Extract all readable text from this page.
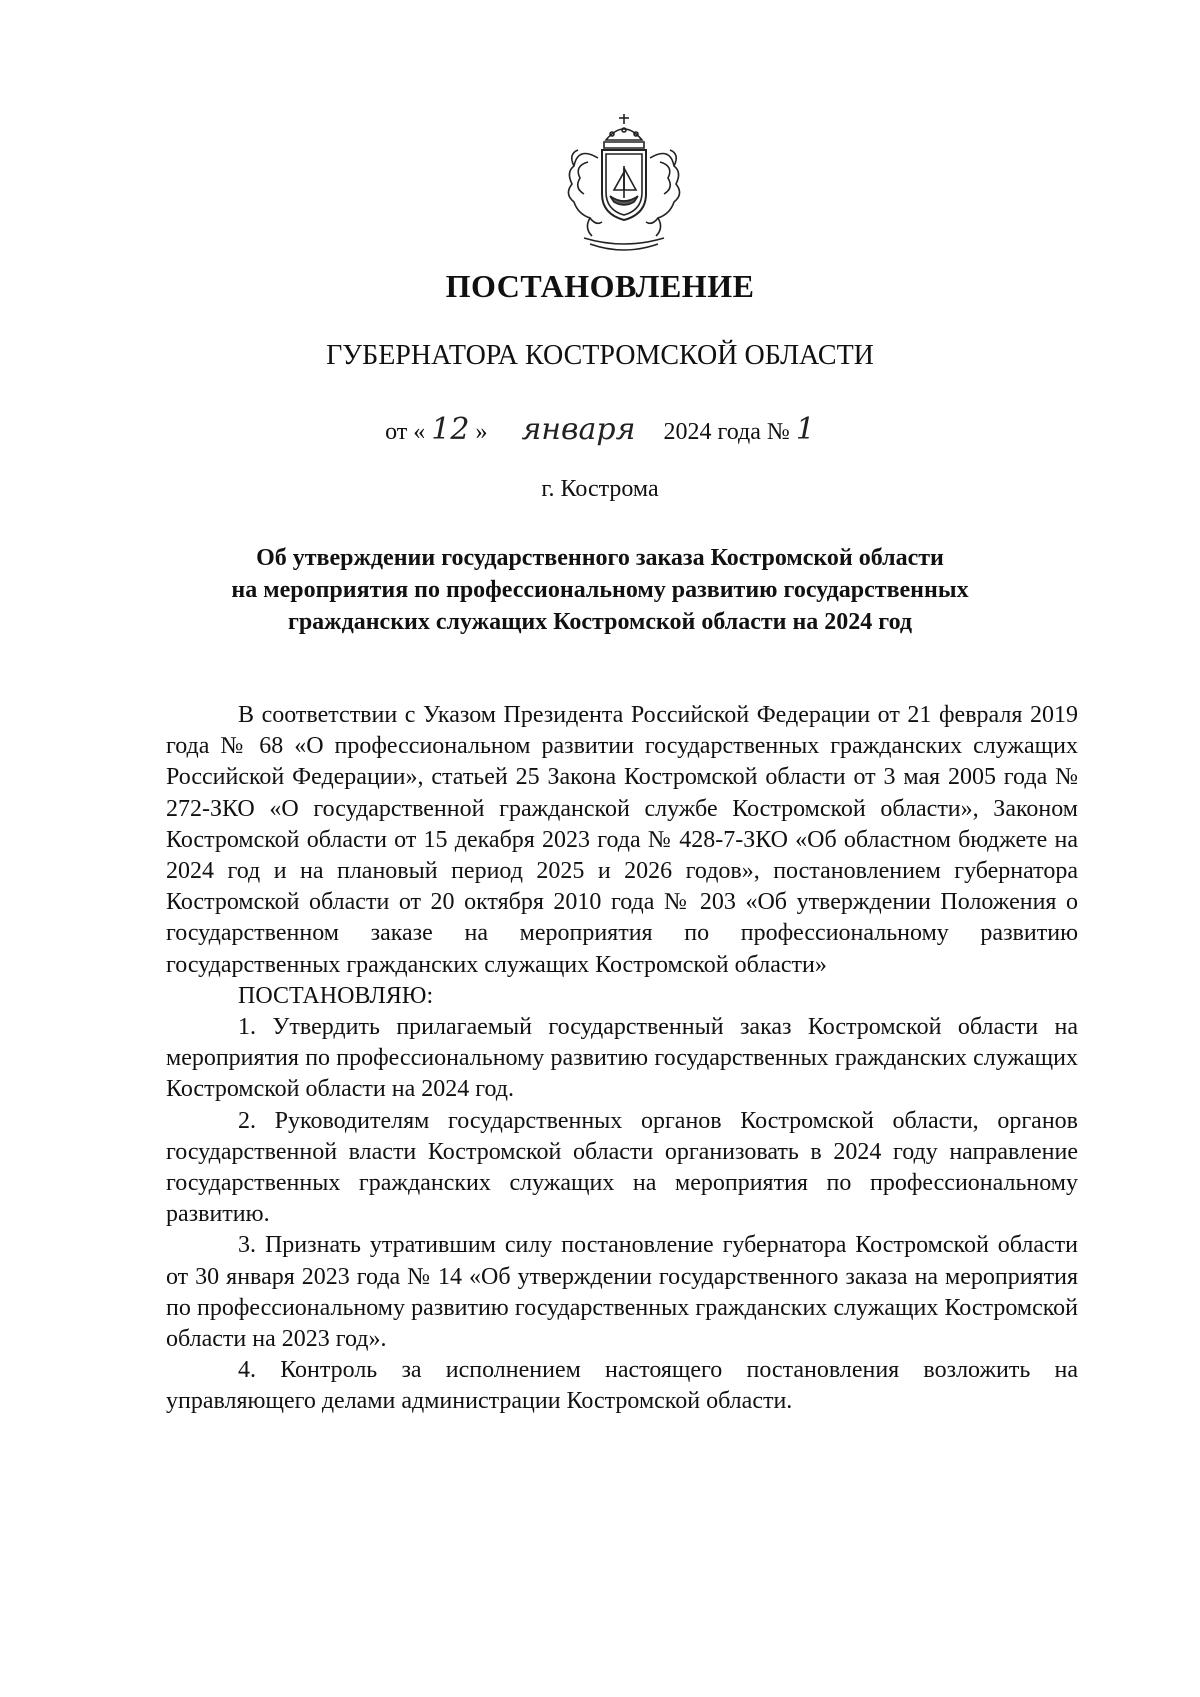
ПОСТАНОВЛЕНИЕ
ГУБЕРНАТОРА КОСТРОМСКОЙ ОБЛАСТИ
от « 12 » января 2024 года № 1
г. Кострома
Об утверждении государственного заказа Костромской области
на мероприятия по профессиональному развитию государственных
гражданских служащих Костромской области на 2024 год

В соответствии с Указом Президента Российской Федерации от 21 февраля 2019 года № 68 «О профессиональном развитии государственных гражданских служащих Российской Федерации», статьей 25 Закона Костромской области от 3 мая 2005 года № 272-ЗКО «О государственной гражданской службе Костромской области», Законом Костромской области от 15 декабря 2023 года № 428-7-ЗКО «Об областном бюджете на 2024 год и на плановый период 2025 и 2026 годов», постановлением губернатора Костромской области от 20 октября 2010 года № 203 «Об утверждении Положения о государственном заказе на мероприятия по профессиональному развитию государственных гражданских служащих Костромской области»

ПОСТАНОВЛЯЮ:

1. Утвердить прилагаемый государственный заказ Костромской области на мероприятия по профессиональному развитию государственных гражданских служащих Костромской области на 2024 год.

2. Руководителям государственных органов Костромской области, органов государственной власти Костромской области организовать в 2024 году направление государственных гражданских служащих на мероприятия по профессиональному развитию.

3. Признать утратившим силу постановление губернатора Костромской области от 30 января 2023 года № 14 «Об утверждении государственного заказа на мероприятия по профессиональному развитию государственных гражданских служащих Костромской области на 2023 год».

4. Контроль за исполнением настоящего постановления возложить на управляющего делами администрации Костромской области.
